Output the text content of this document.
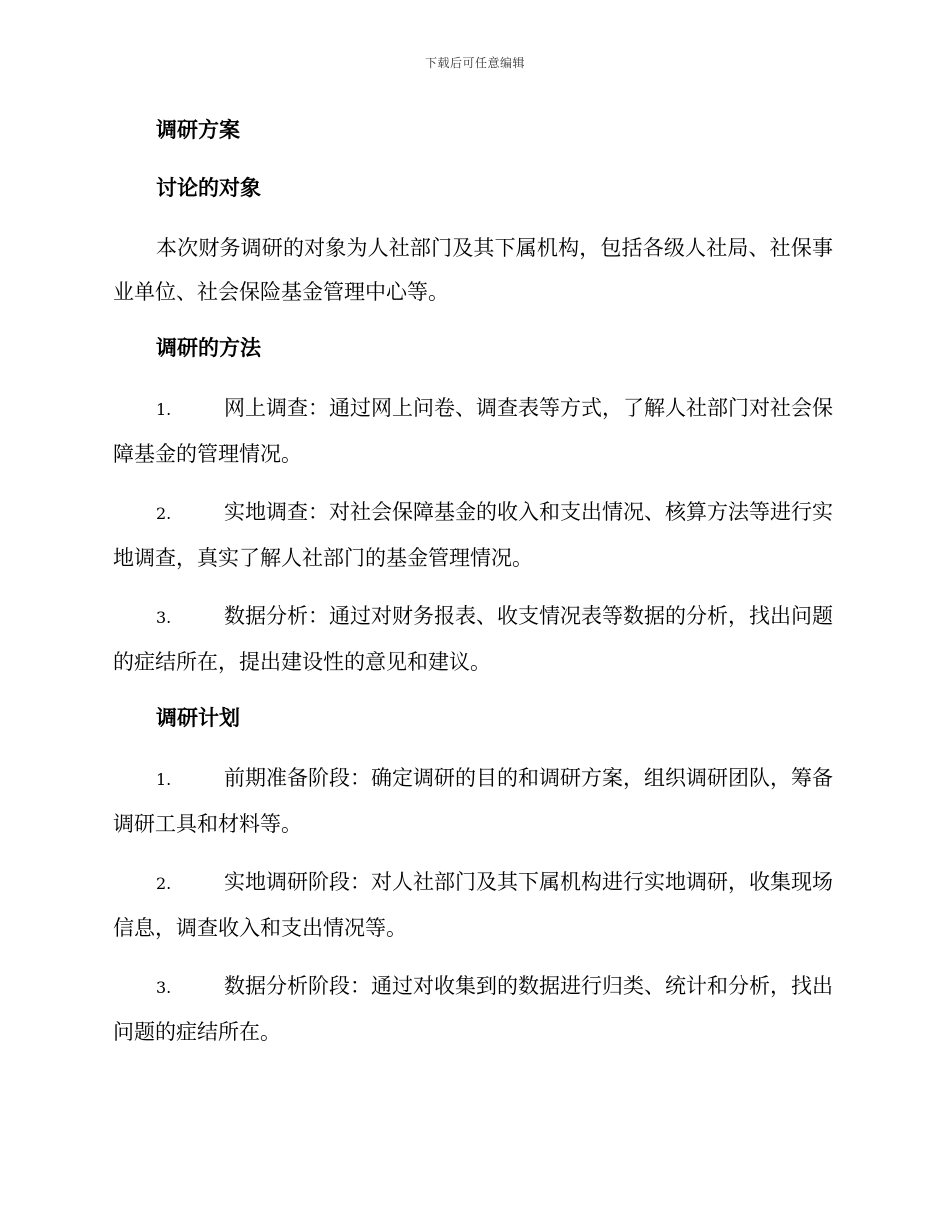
下载后可任意编辑
调研方案
讨论的对象

本次财务调研的对象为人社部门及其下属机构，包括各级人社局、社保事业单位、社会保险基金管理中心等。

调研的方法

1.	网上调查：通过网上问卷、调查表等方式，了解人社部门对社会保障基金的管理情况。

2.	实地调查：对社会保障基金的收入和支出情况、核算方法等进行实地调查，真实了解人社部门的基金管理情况。

3.	数据分析：通过对财务报表、收支情况表等数据的分析，找出问题的症结所在，提出建设性的意见和建议。

调研计划

1.	前期准备阶段：确定调研的目的和调研方案，组织调研团队，筹备调研工具和材料等。

2.	实地调研阶段：对人社部门及其下属机构进行实地调研，收集现场信息，调查收入和支出情况等。

3.	数据分析阶段：通过对收集到的数据进行归类、统计和分析，找出问题的症结所在。
